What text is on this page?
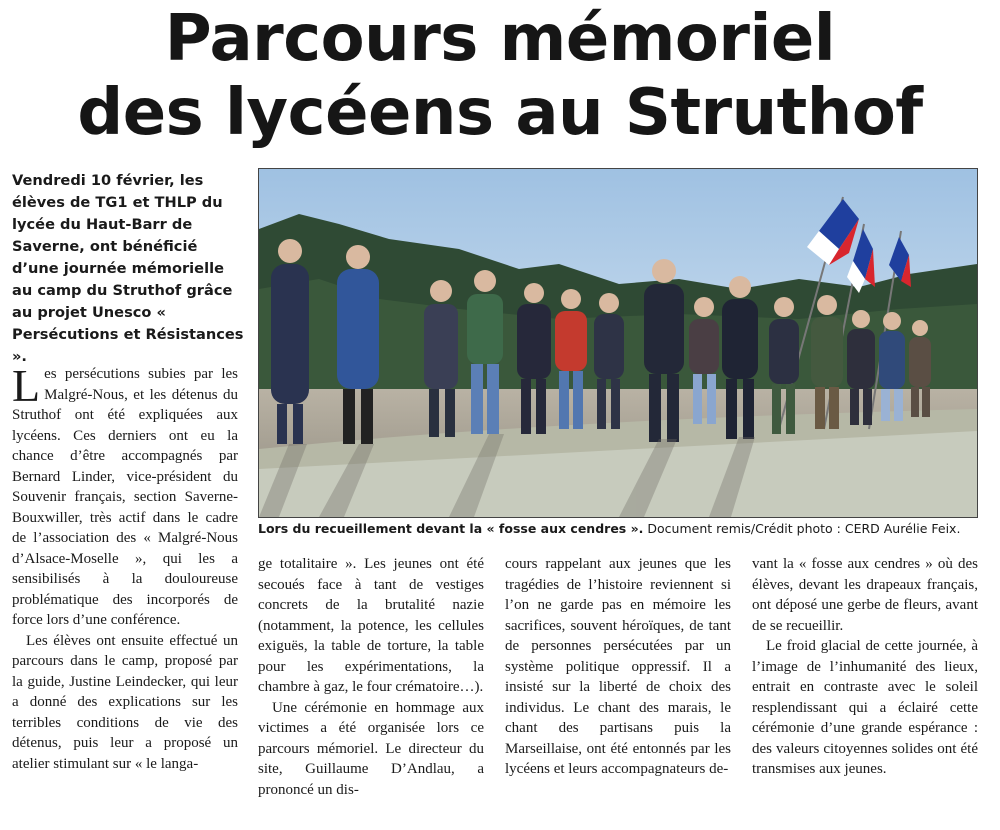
Parcours mémoriel
des lycéens au Struthof
Vendredi 10 février, les élèves de TG1 et THLP du lycée du Haut-Barr de Saverne, ont bénéficié d’une journée mémorielle au camp du Struthof grâce au projet Unesco « Persécutions et Résistances ».
Lors du recueillement devant la « fosse aux cendres ». Document remis/Crédit photo : CERD Aurélie Feix.

Les persécutions subies par les Malgré-Nous, et les détenus du Struthof ont été expliquées aux lycéens. Ces derniers ont eu la chance d’être accompagnés par Bernard Linder, vice-président du Souvenir français, section Saverne-Bouxwiller, très actif dans le cadre de l’association des « Malgré-Nous d’Alsace-Moselle », qui les a sensibilisés à la douloureuse problématique des incorporés de force lors d’une conférence.

Les élèves ont ensuite effectué un parcours dans le camp, proposé par la guide, Justine Leindecker, qui leur a donné des explications sur les terribles conditions de vie des détenus, puis leur a proposé un atelier stimulant sur « le langa-

ge totalitaire ». Les jeunes ont été secoués face à tant de vestiges concrets de la brutalité nazie (notamment, la potence, les cellules exiguës, la table de torture, la table pour les expérimentations, la chambre à gaz, le four crématoire…).

Une cérémonie en hommage aux victimes a été organisée lors ce parcours mémoriel. Le directeur du site, Guillaume D’Andlau, a prononcé un dis-

cours rappelant aux jeunes que les tragédies de l’histoire reviennent si l’on ne garde pas en mémoire les sacrifices, souvent héroïques, de tant de personnes persécutées par un système politique oppressif. Il a insisté sur la liberté de choix des individus. Le chant des marais, le chant des partisans puis la Marseillaise, ont été entonnés par les lycéens et leurs accompagnateurs de-

vant la « fosse aux cendres » où des élèves, devant les drapeaux français, ont déposé une gerbe de fleurs, avant de se recueillir.

Le froid glacial de cette journée, à l’image de l’inhumanité des lieux, entrait en contraste avec le soleil resplendissant qui a éclairé cette cérémonie d’une grande espérance : des valeurs citoyennes solides ont été transmises aux jeunes.
